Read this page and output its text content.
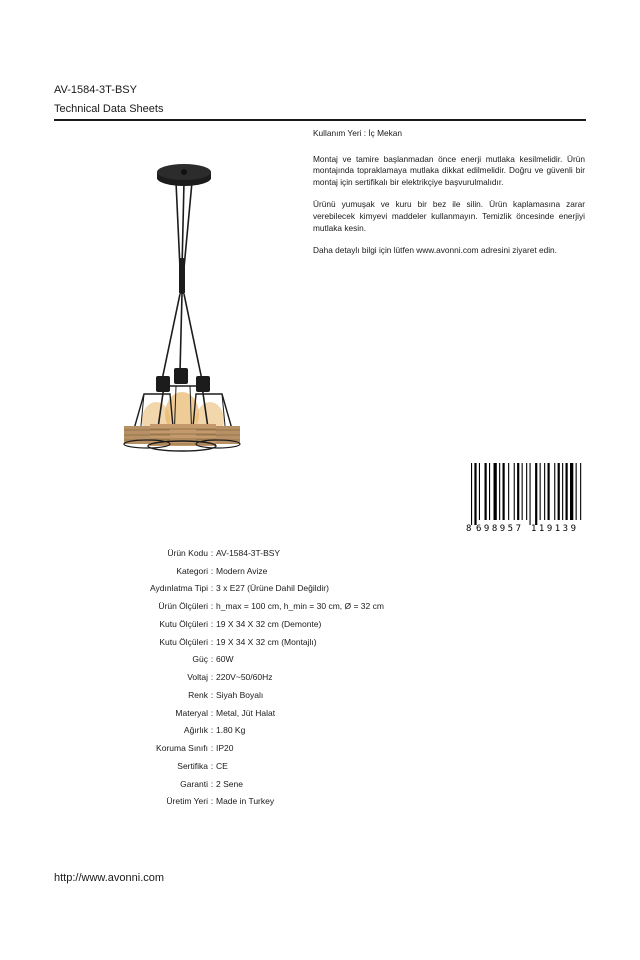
AV-1584-3T-BSY
Technical Data Sheets

Kullanım Yeri : İç Mekan

Montaj ve tamire başlanmadan önce enerji mutlaka kesilmelidir. Ürün montajında topraklamaya mutlaka dikkat edilmelidir. Doğru ve güvenli bir montaj için sertifikalı bir elektrikçiye başvurulmalıdır.

Ürünü yumuşak ve kuru bir bez ile silin. Ürün kaplamasına zarar verebilecek kimyevi maddeler kullanmayın. Temizlik öncesinde enerjiyi mutlaka kesin.

Daha detaylı bilgi için lütfen www.avonni.com adresini ziyaret edin.

8 698957 119139
Ürün Kodu : AV-1584-3T-BSY
Kategori : Modern Avize
Aydınlatma Tipi : 3 x E27 (Ürüne Dahil Değildir)
Ürün Ölçüleri : h_max = 100 cm, h_min = 30 cm, Ø = 32 cm
Kutu Ölçüleri : 19 X 34 X 32 cm (Demonte)
Kutu Ölçüleri : 19 X 34 X 32 cm (Montajlı)
Güç : 60W
Voltaj : 220V~50/60Hz
Renk : Siyah Boyalı
Materyal : Metal, Jüt Halat
Ağırlık : 1.80 Kg
Koruma Sınıfı : IP20
Sertifika : CE
Garanti : 2 Sene
Üretim Yeri : Made in Turkey
http://www.avonni.com
